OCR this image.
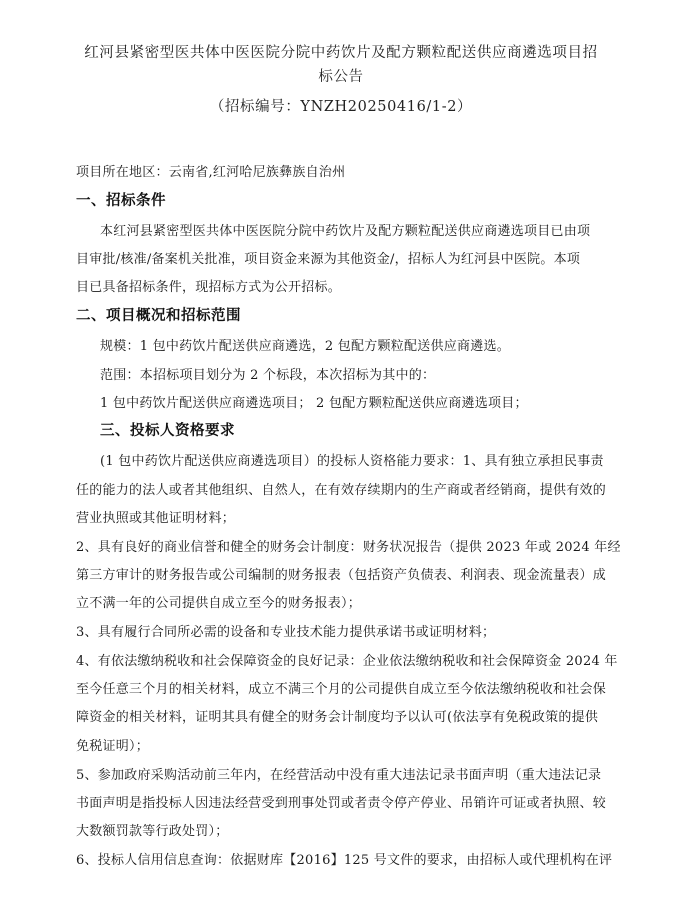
红河县紧密型医共体中医医院分院中药饮片及配方颗粒配送供应商遴选项目招
标公告
（招标编号：YNZH20250416/1-2）
项目所在地区：云南省,红河哈尼族彝族自治州
一、招标条件
本红河县紧密型医共体中医医院分院中药饮片及配方颗粒配送供应商遴选项目已由项
目审批/核准/备案机关批准，项目资金来源为其他资金/，招标人为红河县中医院。本项
目已具备招标条件，现招标方式为公开招标。
二、项目概况和招标范围
规模：1 包中药饮片配送供应商遴选，2 包配方颗粒配送供应商遴选。
范围：本招标项目划分为 2 个标段，本次招标为其中的：
1 包中药饮片配送供应商遴选项目； 2 包配方颗粒配送供应商遴选项目；
三、投标人资格要求
(1 包中药饮片配送供应商遴选项目）的投标人资格能力要求：1、具有独立承担民事责
任的能力的法人或者其他组织、自然人，在有效存续期内的生产商或者经销商，提供有效的
营业执照或其他证明材料；
2、具有良好的商业信誉和健全的财务会计制度：财务状况报告（提供 2023 年或 2024 年经
第三方审计的财务报告或公司编制的财务报表（包括资产负债表、利润表、现金流量表）成
立不满一年的公司提供自成立至今的财务报表）；
3、具有履行合同所必需的设备和专业技术能力提供承诺书或证明材料；
4、有依法缴纳税收和社会保障资金的良好记录：企业依法缴纳税收和社会保障资金 2024 年
至今任意三个月的相关材料，成立不满三个月的公司提供自成立至今依法缴纳税收和社会保
障资金的相关材料，证明其具有健全的财务会计制度均予以认可(依法享有免税政策的提供
免税证明）；
5、参加政府采购活动前三年内，在经营活动中没有重大违法记录书面声明（重大违法记录
书面声明是指投标人因违法经营受到刑事处罚或者责令停产停业、吊销许可证或者执照、较
大数额罚款等行政处罚）；
6、投标人信用信息查询：依据财库【2016】125 号文件的要求，由招标人或代理机构在评
